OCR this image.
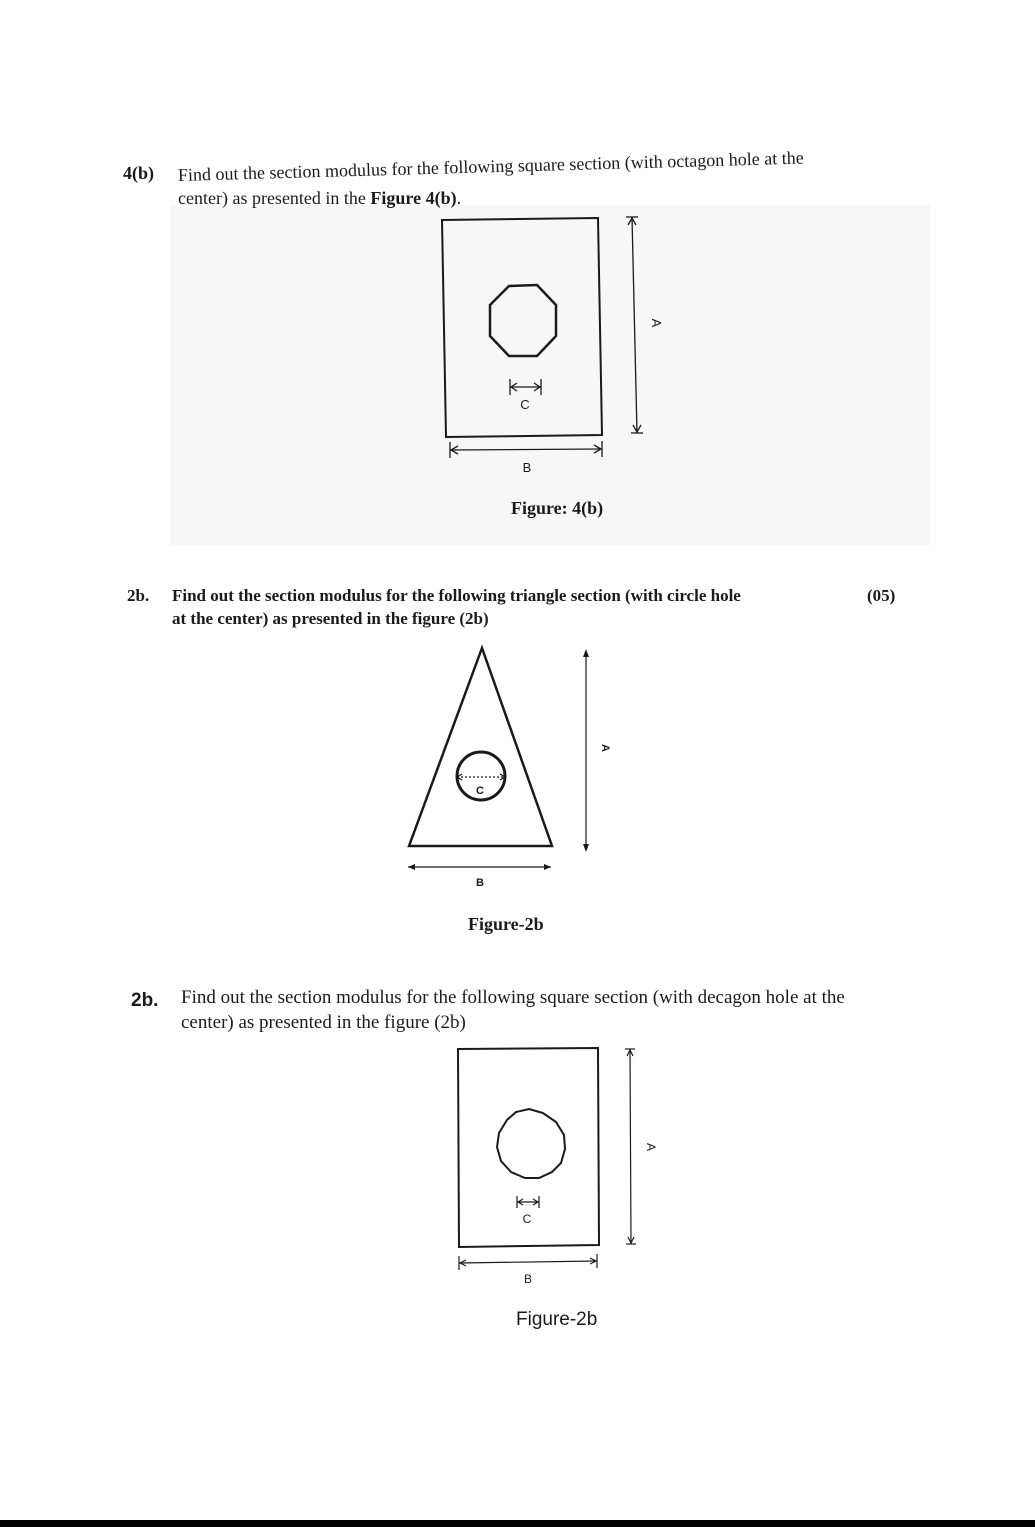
4(b) Find out the section modulus for the following square section (with octagon hole at the
center) as presented in the Figure 4(b).
C
B
A
Figure: 4(b)
2b. Find out the section modulus for the following triangle section (with circle hole	(05)
at the center) as presented in the figure (2b)
C
B
A
Figure-2b
2b. Find out the section modulus for the following square section (with decagon hole at the
center) as presented in the figure (2b)
C
B
A
Figure-2b
